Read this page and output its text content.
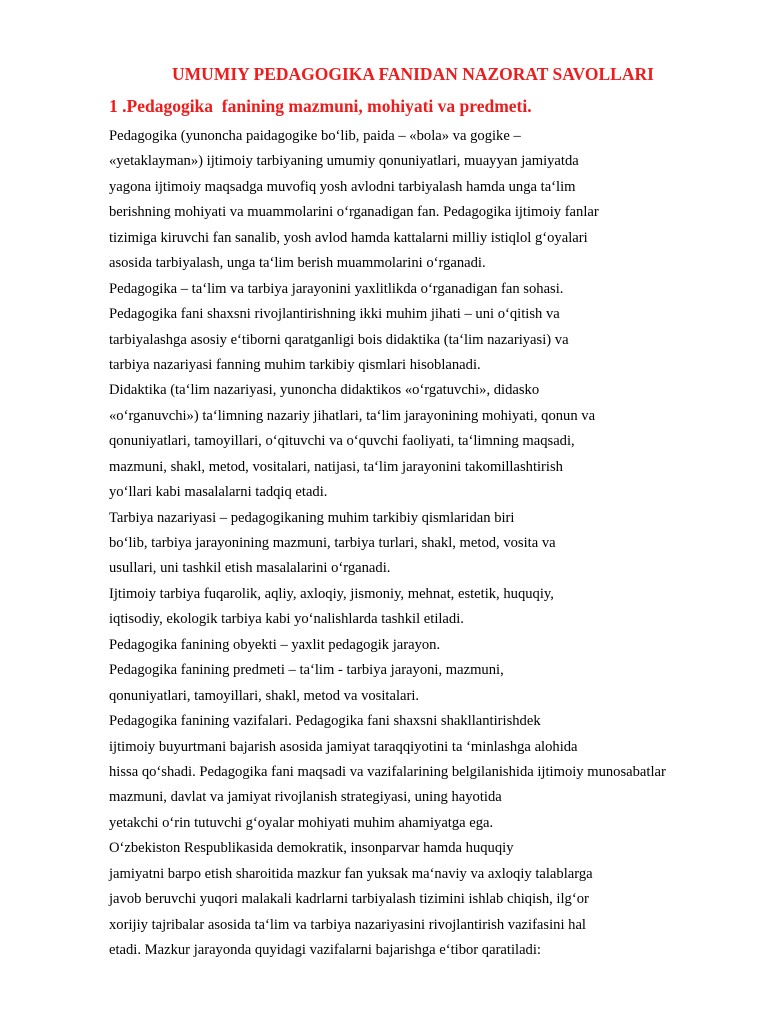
UMUMIY PEDAGOGIKA FANIDAN NAZORAT SAVOLLARI
1 .Pedagogika  fanining mazmuni, mohiyati va predmeti.
Pedagogika (yunoncha paidagogike bo‘lib, paida – «bola» va gogike –
«yetaklayman») ijtimoiy tarbiyaning umumiy qonuniyatlari, muayyan jamiyatda
yagona ijtimoiy maqsadga muvofiq yosh avlodni tarbiyalash hamda unga ta‘lim
berishning mohiyati va muammolarini o‘rganadigan fan. Pedagogika ijtimoiy fanlar
tizimiga kiruvchi fan sanalib, yosh avlod hamda kattalarni milliy istiqlol g‘oyalari
asosida tarbiyalash, unga ta‘lim berish muammolarini o‘rganadi.
Pedagogika – ta‘lim va tarbiya jarayonini yaxlitlikda o‘rganadigan fan sohasi.
Pedagogika fani shaxsni rivojlantirishning ikki muhim jihati – uni o‘qitish va
tarbiyalashga asosiy e‘tiborni qaratganligi bois didaktika (ta‘lim nazariyasi) va
tarbiya nazariyasi fanning muhim tarkibiy qismlari hisoblanadi.
Didaktika (ta‘lim nazariyasi, yunoncha didaktikos «o‘rgatuvchi», didasko
«o‘rganuvchi») ta‘limning nazariy jihatlari, ta‘lim jarayonining mohiyati, qonun va
qonuniyatlari, tamoyillari, o‘qituvchi va o‘quvchi faoliyati, ta‘limning maqsadi,
mazmuni, shakl, metod, vositalari, natijasi, ta‘lim jarayonini takomillashtirish
yo‘llari kabi masalalarni tadqiq etadi.
Tarbiya nazariyasi – pedagogikaning muhim tarkibiy qismlaridan biri
bo‘lib, tarbiya jarayonining mazmuni, tarbiya turlari, shakl, metod, vosita va
usullari, uni tashkil etish masalalarini o‘rganadi.
Ijtimoiy tarbiya fuqarolik, aqliy, axloqiy, jismoniy, mehnat, estetik, huquqiy,
iqtisodiy, ekologik tarbiya kabi yo‘nalishlarda tashkil etiladi.
Pedagogika fanining obyekti – yaxlit pedagogik jarayon.
Pedagogika fanining predmeti – ta‘lim - tarbiya jarayoni, mazmuni,
qonuniyatlari, tamoyillari, shakl, metod va vositalari.
Pedagogika fanining vazifalari. Pedagogika fani shaxsni shakllantirishdek
ijtimoiy buyurtmani bajarish asosida jamiyat taraqqiyotini ta ‘minlashga alohida
hissa qo‘shadi. Pedagogika fani maqsadi va vazifalarining belgilanishida ijtimoiy munosabatlar
mazmuni, davlat va jamiyat rivojlanish strategiyasi, uning hayotida
yetakchi o‘rin tutuvchi g‘oyalar mohiyati muhim ahamiyatga ega.
O‘zbekiston Respublikasida demokratik, insonparvar hamda huquqiy
jamiyatni barpo etish sharoitida mazkur fan yuksak ma‘naviy va axloqiy talablarga
javob beruvchi yuqori malakali kadrlarni tarbiyalash tizimini ishlab chiqish, ilg‘or
xorijiy tajribalar asosida ta‘lim va tarbiya nazariyasini rivojlantirish vazifasini hal
etadi. Mazkur jarayonda quyidagi vazifalarni bajarishga e‘tibor qaratiladi:
